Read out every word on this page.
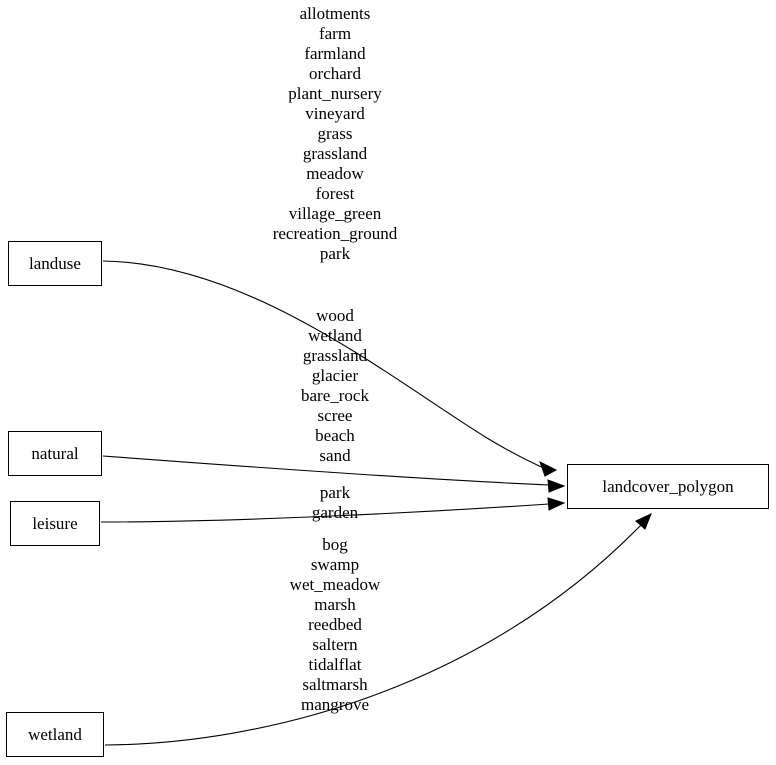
landuse
natural
leisure
wetland
landcover_polygon
allotments
farm
farmland
orchard
plant_nursery
vineyard
grass
grassland
meadow
forest
village_green
recreation_ground
park
wood
wetland
grassland
glacier
bare_rock
scree
beach
sand
park
garden
bog
swamp
wet_meadow
marsh
reedbed
saltern
tidalflat
saltmarsh
mangrove
